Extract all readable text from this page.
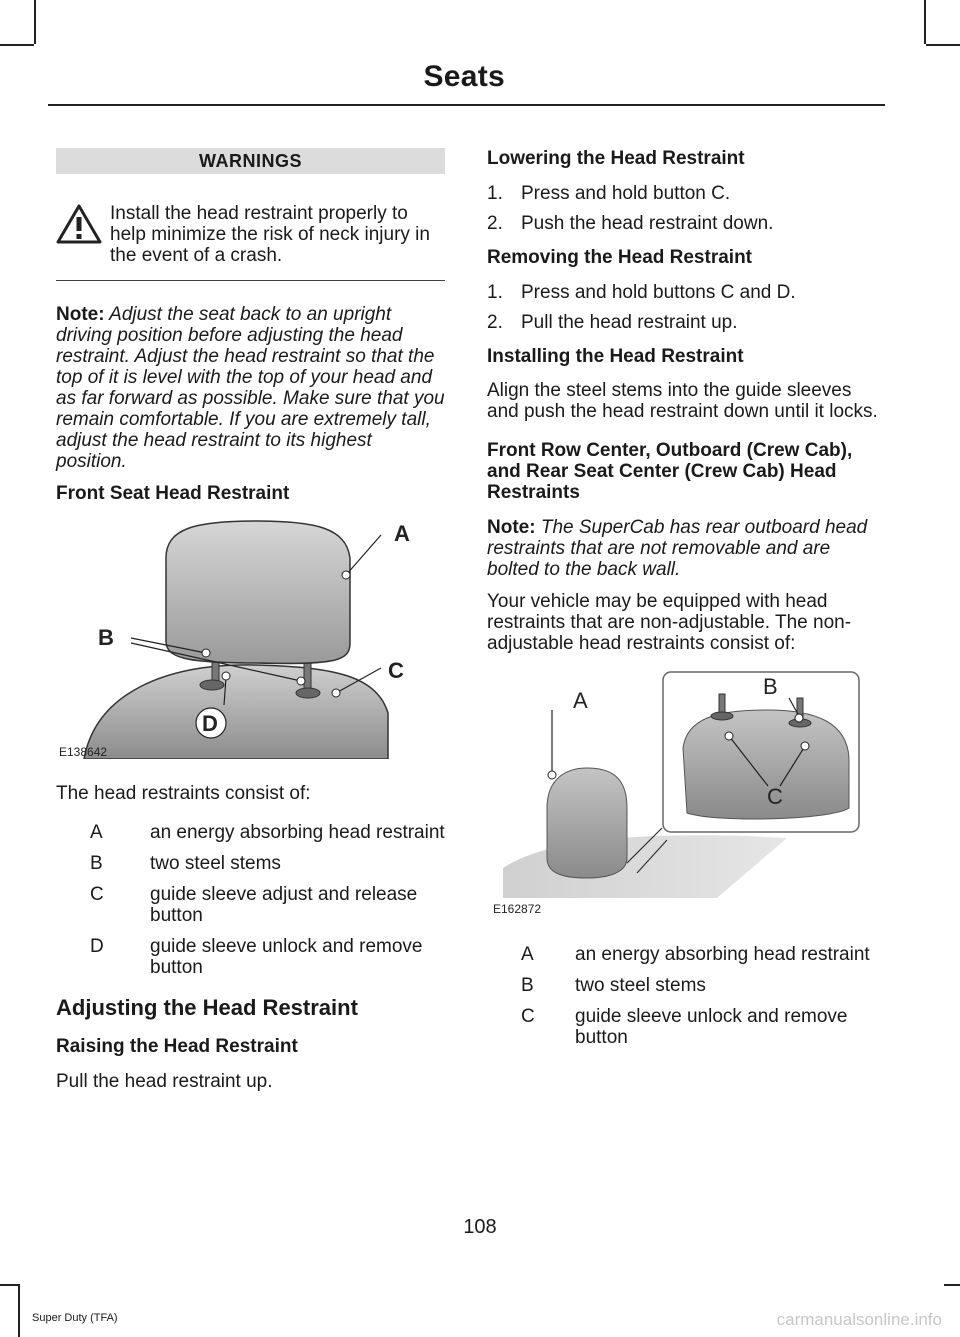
Seats
WARNINGS
Install the head restraint properly to help minimize the risk of neck injury in the event of a crash.
Note: Adjust the seat back to an upright driving position before adjusting the head restraint. Adjust the head restraint so that the top of it is level with the top of your head and as far forward as possible. Make sure that you remain comfortable. If you are extremely tall, adjust the head restraint to its highest position.
Front Seat Head Restraint
A
B
C
D
E138642

The head restraints consist of:

A	an energy absorbing head restraint
B	two steel stems
C	guide sleeve adjust and release button
D	guide sleeve unlock and remove button
Adjusting the Head Restraint
Raising the Head Restraint

Pull the head restraint up.

Lowering the Head Restraint
1. Press and hold button C.
2. Push the head restraint down.
Removing the Head Restraint
1. Press and hold buttons C and D.
2. Pull the head restraint up.
Installing the Head Restraint

Align the steel stems into the guide sleeves and push the head restraint down until it locks.

Front Row Center, Outboard (Crew Cab), and Rear Seat Center (Crew Cab) Head Restraints
Note: The SuperCab has rear outboard head restraints that are not removable and are bolted to the back wall.

Your vehicle may be equipped with head restraints that are non-adjustable. The non-adjustable head restraints consist of:

A
B
C
E162872
A	an energy absorbing head restraint
B	two steel stems
C	guide sleeve unlock and remove button
108
Super Duty (TFA)	carmanualsonline.info
